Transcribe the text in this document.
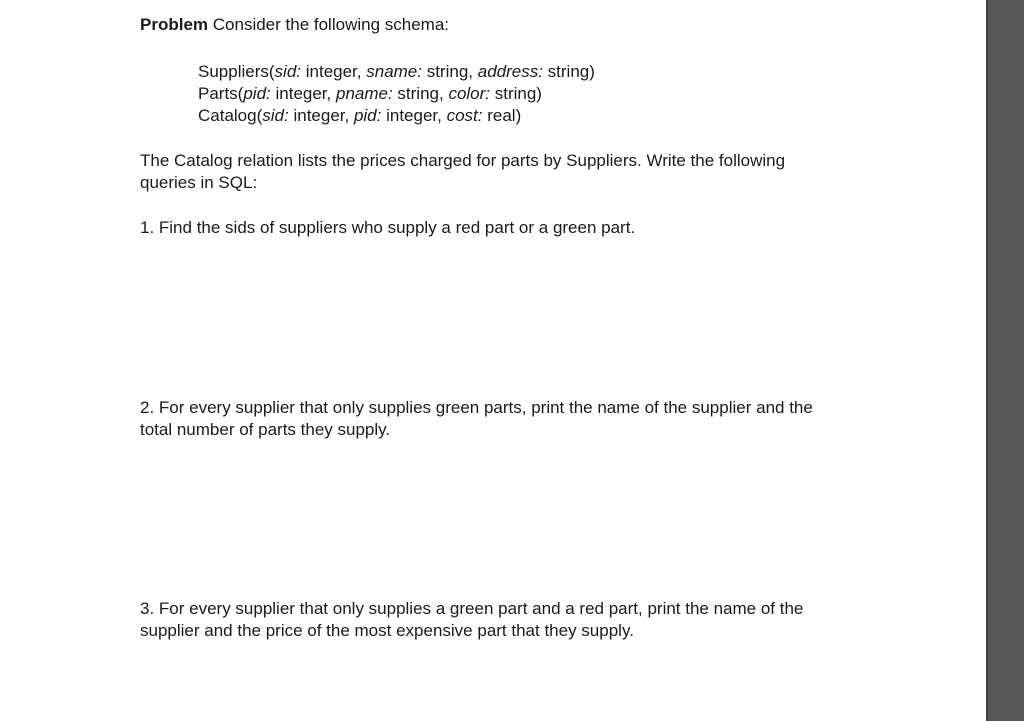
Problem Consider the following schema:

Suppliers(sid: integer, sname: string, address: string)
Parts(pid: integer, pname: string, color: string)
Catalog(sid: integer, pid: integer, cost: real)

The Catalog relation lists the prices charged for parts by Suppliers. Write the following queries in SQL:

1. Find the sids of suppliers who supply a red part or a green part.

2. For every supplier that only supplies green parts, print the name of the supplier and the total number of parts they supply.

3. For every supplier that only supplies a green part and a red part, print the name of the supplier and the price of the most expensive part that they supply.
